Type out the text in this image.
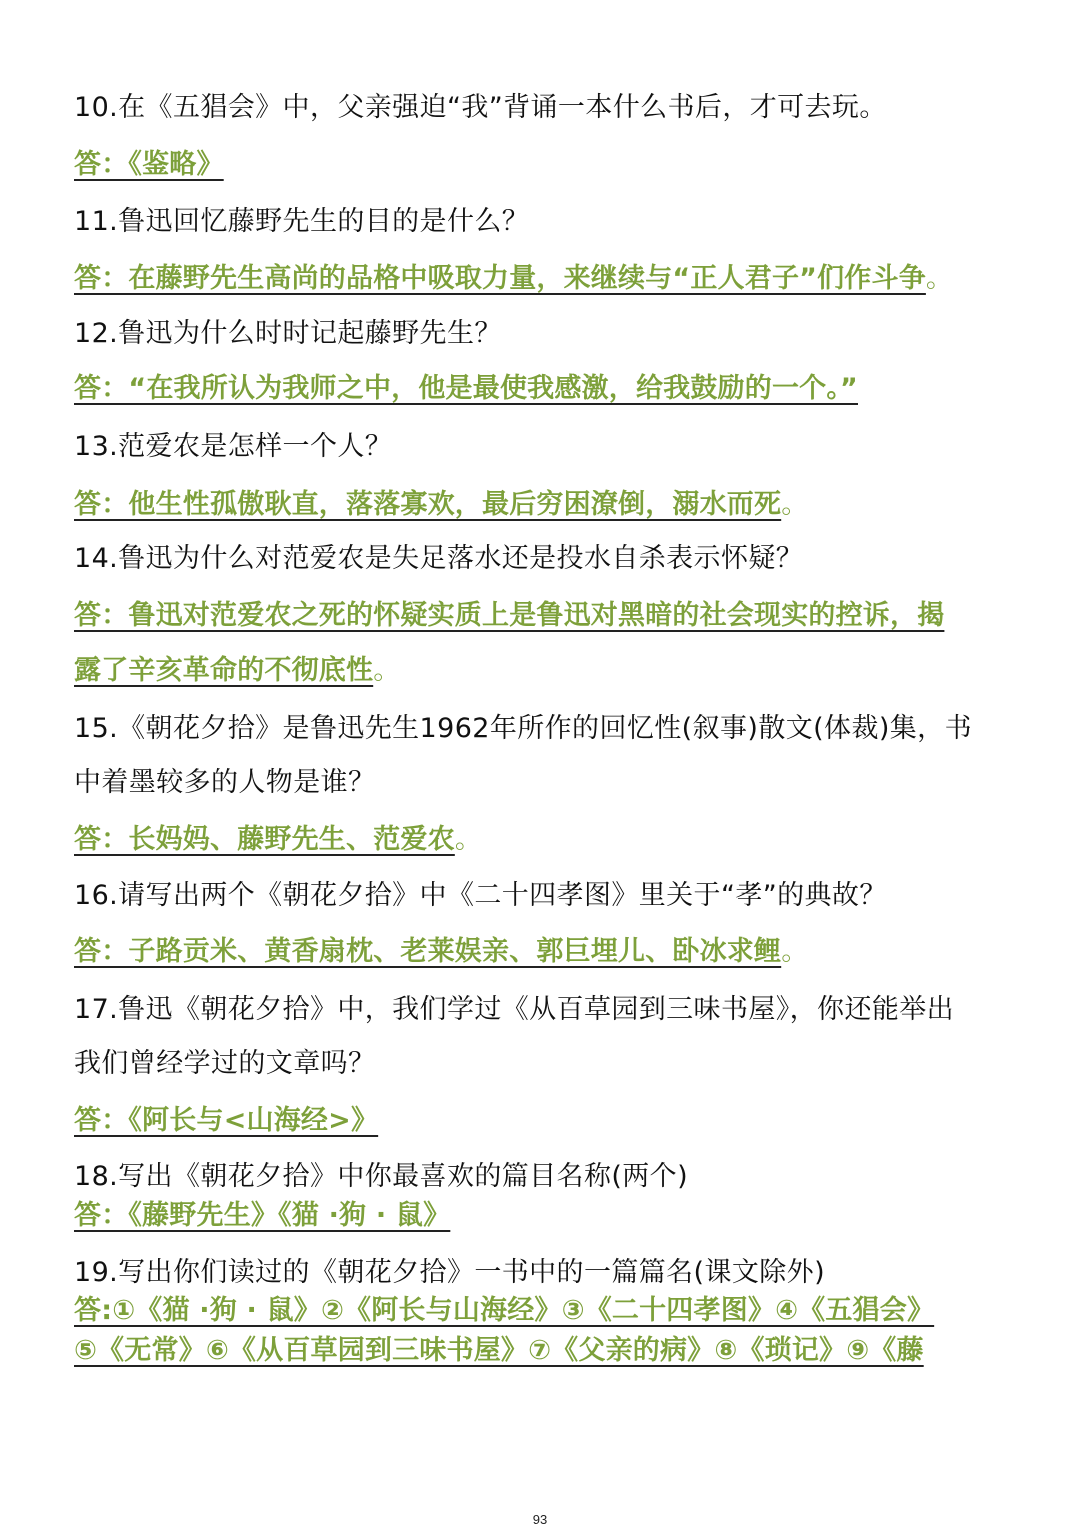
10.在《五猖会》中，父亲强迫“我”背诵一本什么书后，才可去玩。
答：《鉴略》
11.鲁迅回忆藤野先生的目的是什么？
答：在藤野先生高尚的品格中吸取力量，来继续与“正人君子”们作斗争。
12.鲁迅为什么时时记起藤野先生？
答：“在我所认为我师之中，他是最使我感激，给我鼓励的一个。”
13.范爱农是怎样一个人？
答：他生性孤傲耿直，落落寡欢，最后穷困潦倒，溺水而死。
14.鲁迅为什么对范爱农是失足落水还是投水自杀表示怀疑？
答：鲁迅对范爱农之死的怀疑实质上是鲁迅对黑暗的社会现实的控诉，揭
露了辛亥革命的不彻底性。
15.《朝花夕拾》是鲁迅先生1962年所作的回忆性(叙事)散文(体裁)集，书
中着墨较多的人物是谁？
答：长妈妈、藤野先生、范爱农。
16.请写出两个《朝花夕拾》中《二十四孝图》里关于“孝”的典故？
答：子路贡米、黄香扇枕、老莱娱亲、郭巨埋儿、卧冰求鲤。
17.鲁迅《朝花夕拾》中，我们学过《从百草园到三味书屋》，你还能举出
我们曾经学过的文章吗？
答：《阿长与<山海经>》
18.写出《朝花夕拾》中你最喜欢的篇目名称(两个)
答：《藤野先生》《猫 ·狗 · 鼠》
19.写出你们读过的《朝花夕拾》一书中的一篇篇名(课文除外)
答:①《猫 ·狗 · 鼠》②《阿长与山海经》③《二十四孝图》④《五猖会》
⑤《无常》⑥《从百草园到三味书屋》⑦《父亲的病》⑧《琐记》⑨《藤
93
